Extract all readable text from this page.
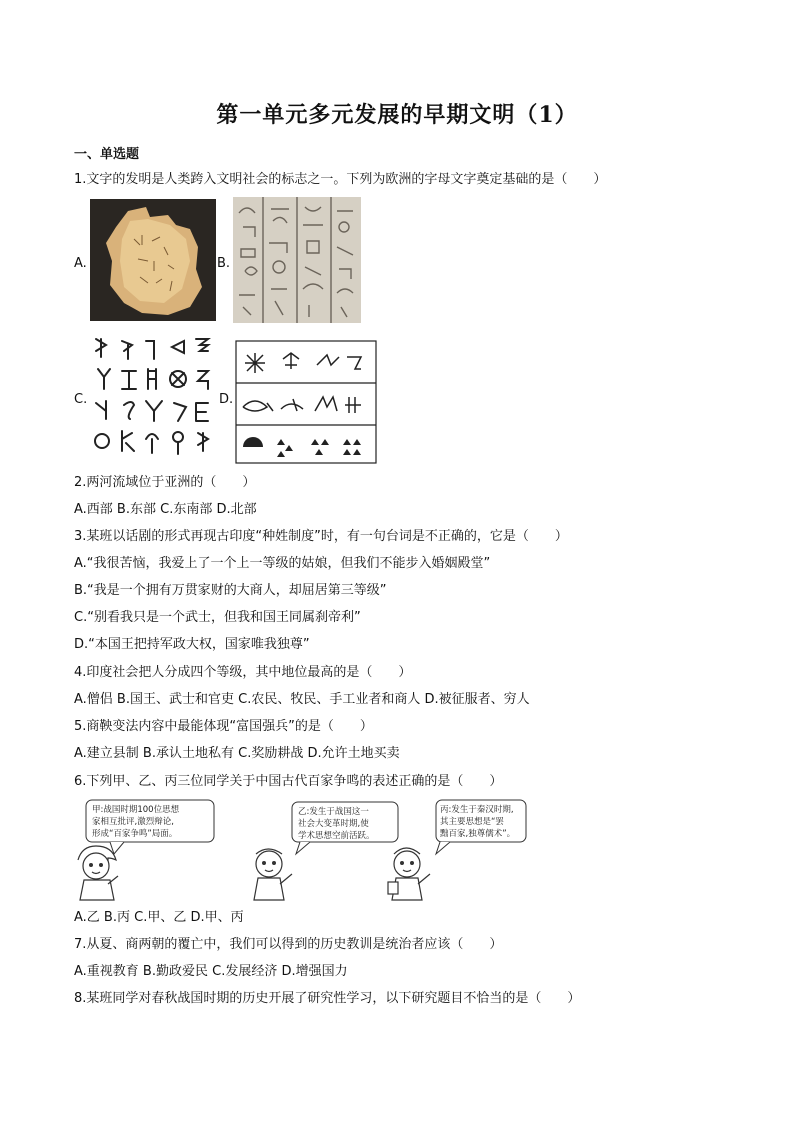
第一单元多元发展的早期文明（1）
一、单选题
1.文字的发明是人类跨入文明社会的标志之一。下列为欧洲的字母文字奠定基础的是（　　）
A.	B.
C.	D.
2.两河流域位于亚洲的（　　）
A.西部 B.东部 C.东南部 D.北部
3.某班以话剧的形式再现古印度“种姓制度”时，有一句台词是不正确的，它是（　　）
A.“我很苦恼，我爱上了一个上一等级的姑娘，但我们不能步入婚姻殿堂”
B.“我是一个拥有万贯家财的大商人，却屈居第三等级”
C.“别看我只是一个武士，但我和国王同属刹帝利”
D.“本国王把持军政大权，国家唯我独尊”
4.印度社会把人分成四个等级，其中地位最高的是（　　）
A.僧侣 B.国王、武士和官吏 C.农民、牧民、手工业者和商人 D.被征服者、穷人
5.商鞅变法内容中最能体现“富国强兵”的是（　　）
A.建立县制 B.承认土地私有 C.奖励耕战 D.允许土地买卖
6.下列甲、乙、丙三位同学关于中国古代百家争鸣的表述正确的是（　　）
甲:战国时期100位思想
家相互批评,激烈辩论,
形成“百家争鸣”局面。
乙:发生于战国这一
社会大变革时期,使
学术思想空前活跃。
丙:发生于秦汉时期,
其主要思想是“罢
黜百家,独尊儒术”。
A.乙 B.丙 C.甲、乙 D.甲、丙
7.从夏、商两朝的覆亡中，我们可以得到的历史教训是统治者应该（　　）
A.重视教育 B.勤政爱民 C.发展经济 D.增强国力
8.某班同学对春秋战国时期的历史开展了研究性学习，以下研究题目不恰当的是（　　）
